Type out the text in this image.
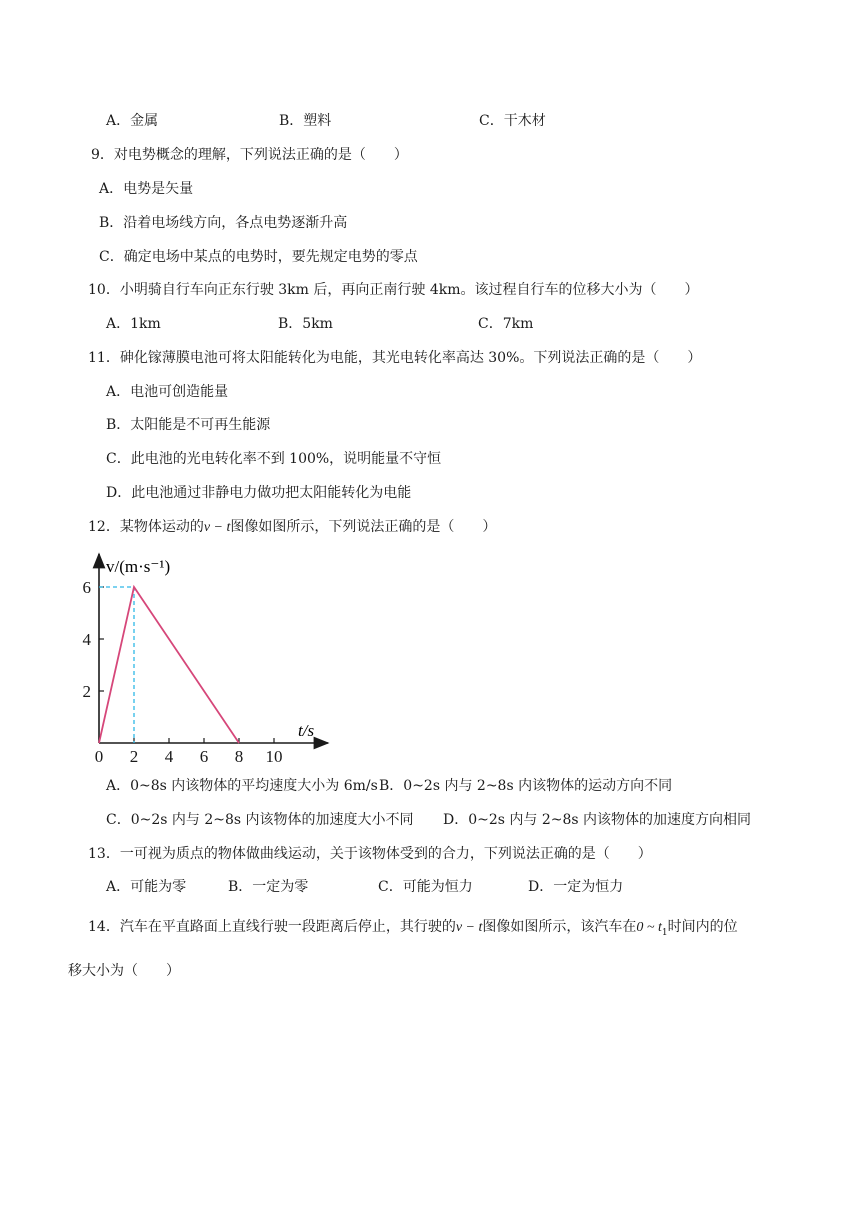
A．金属	B．塑料	C．干木材
9．对电势概念的理解，下列说法正确的是（　　）
A．电势是矢量
B．沿着电场线方向，各点电势逐渐升高
C．确定电场中某点的电势时，要先规定电势的零点
10．小明骑自行车向正东行驶 3km 后，再向正南行驶 4km。该过程自行车的位移大小为（　　）
A．1km	B．5km	C．7km
11．砷化镓薄膜电池可将太阳能转化为电能，其光电转化率高达 30%。下列说法正确的是（　　）
A．电池可创造能量
B．太阳能是不可再生能源
C．此电池的光电转化率不到 100%，说明能量不守恒
D．此电池通过非静电力做功把太阳能转化为电能
12．某物体运动的v − t图像如图所示，下列说法正确的是（　　）
0 2 4 6 8 10
2
4
6
v/(m·s⁻¹)
t/s
A．0~8s 内该物体的平均速度大小为 6m/s B．0~2s 内与 2~8s 内该物体的运动方向不同
C．0~2s 内与 2~8s 内该物体的加速度大小不同 D．0~2s 内与 2~8s 内该物体的加速度方向相同
13．一可视为质点的物体做曲线运动，关于该物体受到的合力，下列说法正确的是（　　）
A．可能为零	B．一定为零	C．可能为恒力	D．一定为恒力
14．汽车在平直路面上直线行驶一段距离后停止，其行驶的v − t图像如图所示，该汽车在0 ~ $t_1$时间内的位
移大小为（　　）
